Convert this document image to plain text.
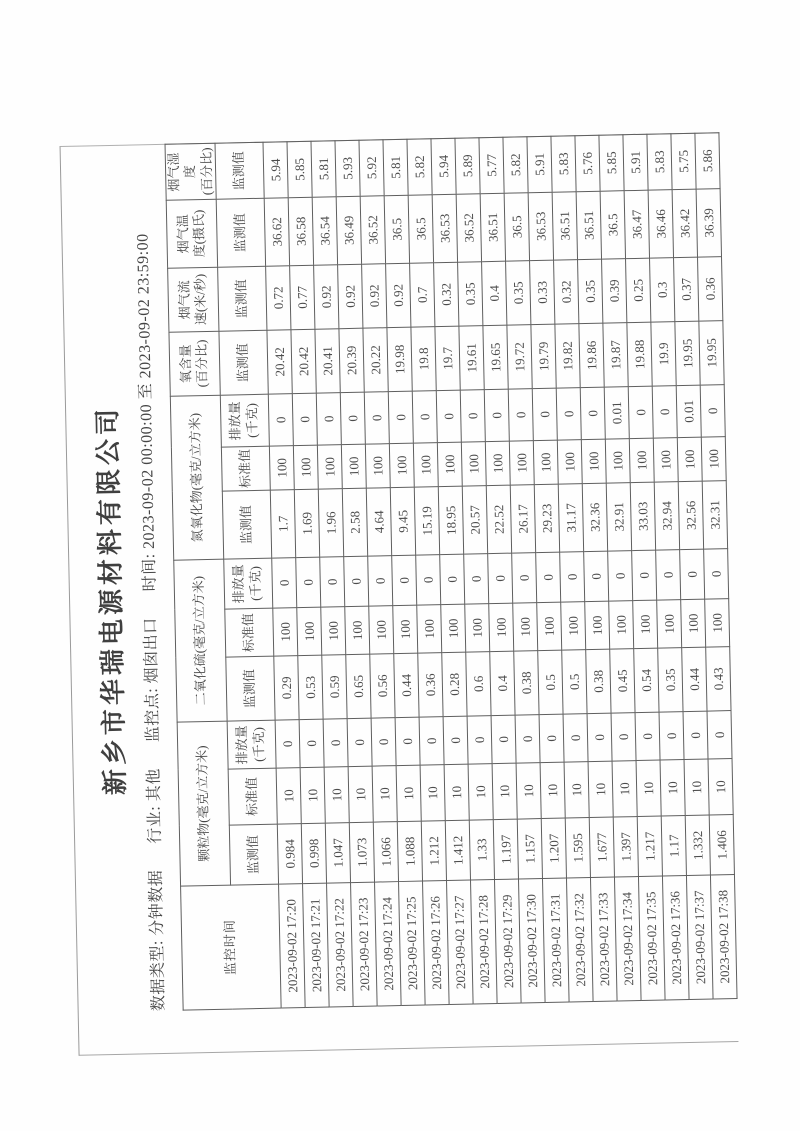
新乡市华瑞电源材料有限公司
数据类型: 分钟数据
行业: 其他
监控点: 烟囱出口
时间: 2023-09-02 00:00:00 至 2023-09-02 23:59:00
监控时间	颗粒物(毫克/立方米)			二氧化硫(毫克/立方米)			氮氧化物(毫克/立方米)			氧含量
(百分比)	烟气流
速(米/秒)	烟气温
度(摄氏)	烟气湿度
(百分比)
	监测值	标准值	排放量
(千克)	监测值	标准值	排放量
(千克)	监测值	标准值	排放量
(千克)	监测值	监测值	监测值	监测值
2023-09-02 17:20	0.984	10	0	0.29	100	0	1.7	100	0	20.42	0.72	36.62	5.94
2023-09-02 17:21	0.998	10	0	0.53	100	0	1.69	100	0	20.42	0.77	36.58	5.85
2023-09-02 17:22	1.047	10	0	0.59	100	0	1.96	100	0	20.41	0.92	36.54	5.81
2023-09-02 17:23	1.073	10	0	0.65	100	0	2.58	100	0	20.39	0.92	36.49	5.93
2023-09-02 17:24	1.066	10	0	0.56	100	0	4.64	100	0	20.22	0.92	36.52	5.92
2023-09-02 17:25	1.088	10	0	0.44	100	0	9.45	100	0	19.98	0.92	36.5	5.81
2023-09-02 17:26	1.212	10	0	0.36	100	0	15.19	100	0	19.8	0.7	36.5	5.82
2023-09-02 17:27	1.412	10	0	0.28	100	0	18.95	100	0	19.7	0.32	36.53	5.94
2023-09-02 17:28	1.33	10	0	0.6	100	0	20.57	100	0	19.61	0.35	36.52	5.89
2023-09-02 17:29	1.197	10	0	0.4	100	0	22.52	100	0	19.65	0.4	36.51	5.77
2023-09-02 17:30	1.157	10	0	0.38	100	0	26.17	100	0	19.72	0.35	36.5	5.82
2023-09-02 17:31	1.207	10	0	0.5	100	0	29.23	100	0	19.79	0.33	36.53	5.91
2023-09-02 17:32	1.595	10	0	0.5	100	0	31.17	100	0	19.82	0.32	36.51	5.83
2023-09-02 17:33	1.677	10	0	0.38	100	0	32.36	100	0	19.86	0.35	36.51	5.76
2023-09-02 17:34	1.397	10	0	0.45	100	0	32.91	100	0.01	19.87	0.39	36.5	5.85
2023-09-02 17:35	1.217	10	0	0.54	100	0	33.03	100	0	19.88	0.25	36.47	5.91
2023-09-02 17:36	1.17	10	0	0.35	100	0	32.94	100	0	19.9	0.3	36.46	5.83
2023-09-02 17:37	1.332	10	0	0.44	100	0	32.56	100	0.01	19.95	0.37	36.42	5.75
2023-09-02 17:38	1.406	10	0	0.43	100	0	32.31	100	0	19.95	0.36	36.39	5.86
